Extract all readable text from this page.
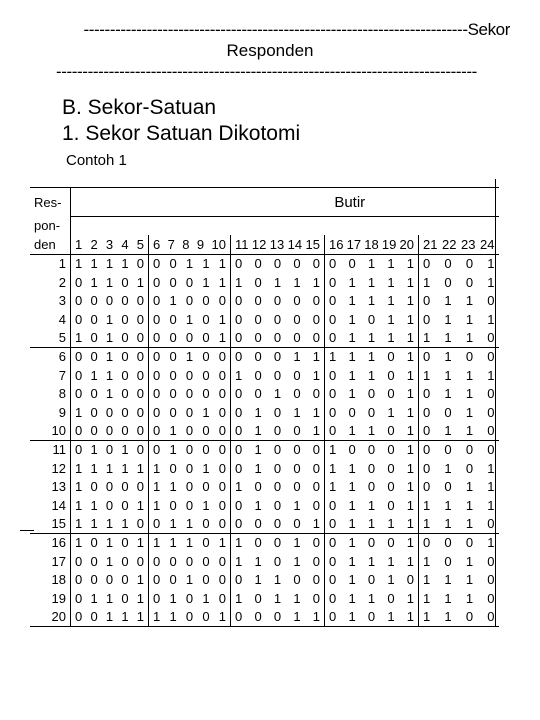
-------------------------------------------------------------------------Sekor
Responden
--------------------------------------------------------------------------------
B. Sekor-Satuan
1. Sekor Satuan Dikotomi
Contoh 1
Res-	Butir				
pon-					
den	1 2 3 4 5	6 7 8 9 10	11 12 13 14 15	16 17 18 19 20	21 22 23 24

1	1 1 1 1 0	0 0 1 1 1	0 0 0 0 0	0 0 1 1 1	0 0 0 1

2	0 1 1 0 1	0 0 0 1 1	1 0 1 1 1	0 1 1 1 1	1 0 0 1

3	0 0 0 0 0	0 1 0 0 0	0 0 0 0 0	0 1 1 1 1	0 1 1 0

4	0 0 1 0 0	0 0 1 0 1	0 0 0 0 0	0 1 0 1 1	0 1 1 1

5	1 0 1 0 0	0 0 0 0 1	0 0 0 0 0	0 1 1 1 1	1 1 1 0

6	0 0 1 0 0	0 0 1 0 0	0 0 0 1 1	1 1 1 0 1	0 1 0 0

7	0 1 1 0 0	0 0 0 0 0	1 0 0 0 1	0 1 1 0 1	1 1 1 1

8	0 0 1 0 0	0 0 0 0 0	0 0 1 0 0	0 1 0 0 1	0 1 1 0

9	1 0 0 0 0	0 0 0 1 0	0 1 0 1 1	0 0 0 1 1	0 0 1 0

10	0 0 0 0 0	0 1 0 0 0	0 1 0 0 1	0 1 1 0 1	0 1 1 0

11	0 1 0 1 0	0 1 0 0 0	0 1 0 0 0	1 0 0 0 1	0 0 0 0

12	1 1 1 1 1	1 0 0 1 0	0 1 0 0 0	1 1 0 0 1	0 1 0 1

13	1 0 0 0 0	1 1 0 0 0	1 0 0 0 0	1 1 0 0 1	0 0 1 1

14	1 1 0 0 1	1 0 0 1 0	0 1 0 1 0	0 1 1 0 1	1 1 1 1

15	1 1 1 1 0	0 1 1 0 0	0 0 0 0 1	0 1 1 1 1	1 1 1 0

16	1 0 1 0 1	1 1 1 0 1	1 0 0 1 0	0 1 0 0 1	0 0 0 1

17	0 0 1 0 0	0 0 0 0 0	1 1 0 1 0	0 1 1 1 1	1 0 1 0

18	0 0 0 0 1	0 0 1 0 0	0 1 1 0 0	0 1 0 1 0	1 1 1 0

19	0 1 1 0 1	0 1 0 1 0	1 0 1 1 0	0 1 1 0 1	1 1 1 0

20	0 0 1 1 1	1 1 0 0 1	0 0 0 1 1	0 1 0 1 1	1 1 0 0
